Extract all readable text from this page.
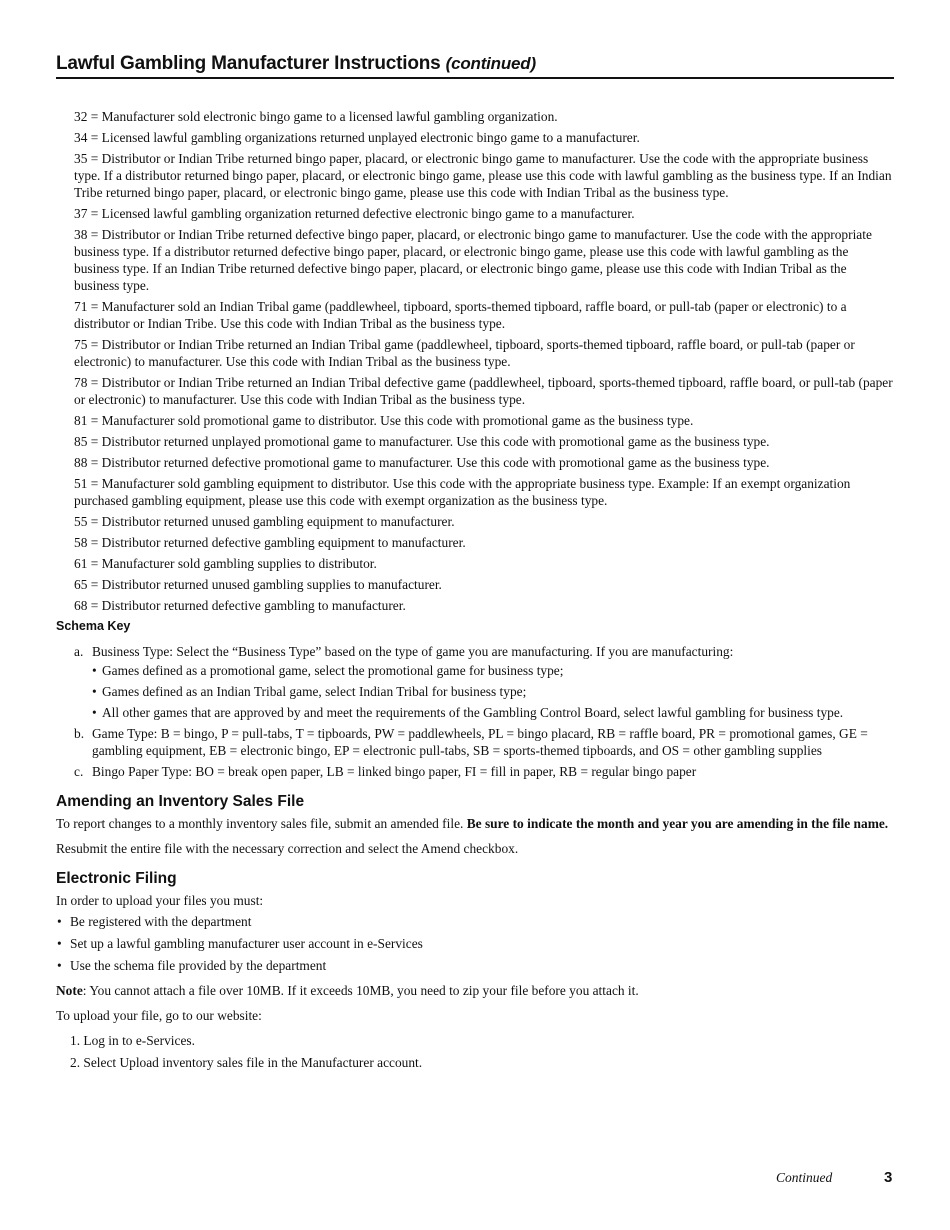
Lawful Gambling Manufacturer Instructions (continued)
32 = Manufacturer sold electronic bingo game to a licensed lawful gambling organization.
34 = Licensed lawful gambling organizations returned unplayed electronic bingo game to a manufacturer.
35 = Distributor or Indian Tribe returned bingo paper, placard, or electronic bingo game to manufacturer. Use the code with the appropriate business type. If a distributor returned bingo paper, placard, or electronic bingo game, please use this code with lawful gambling as the business type. If an Indian Tribe returned bingo paper, placard, or electronic bingo game, please use this code with Indian Tribal as the business type.
37 = Licensed lawful gambling organization returned defective electronic bingo game to a manufacturer.
38 = Distributor or Indian Tribe returned defective bingo paper, placard, or electronic bingo game to manufacturer. Use the code with the appropriate business type. If a distributor returned defective bingo paper, placard, or electronic bingo game, please use this code with lawful gambling as the business type. If an Indian Tribe returned defective bingo paper, placard, or electronic bingo game, please use this code with Indian Tribal as the business type.
71 = Manufacturer sold an Indian Tribal game (paddlewheel, tipboard, sports-themed tipboard, raffle board, or pull-tab (paper or electronic) to a distributor or Indian Tribe. Use this code with Indian Tribal as the business type.
75 = Distributor or Indian Tribe returned an Indian Tribal game (paddlewheel, tipboard, sports-themed tipboard, raffle board, or pull-tab (paper or electronic) to manufacturer. Use this code with Indian Tribal as the business type.
78 = Distributor or Indian Tribe returned an Indian Tribal defective game (paddlewheel, tipboard, sports-themed tipboard, raffle board, or pull-tab (paper or electronic) to manufacturer. Use this code with Indian Tribal as the business type.
81 = Manufacturer sold promotional game to distributor. Use this code with promotional game as the business type.
85 = Distributor returned unplayed promotional game to manufacturer. Use this code with promotional game as the business type.
88 = Distributor returned defective promotional game to manufacturer. Use this code with promotional game as the business type.
51 = Manufacturer sold gambling equipment to distributor. Use this code with the appropriate business type. Example: If an exempt organization purchased gambling equipment, please use this code with exempt organization as the business type.
55 = Distributor returned unused gambling equipment to manufacturer.
58 = Distributor returned defective gambling equipment to manufacturer.
61 = Manufacturer sold gambling supplies to distributor.
65 = Distributor returned unused gambling supplies to manufacturer.
68 = Distributor returned defective gambling to manufacturer.
Schema Key
a. Business Type: Select the “Business Type” based on the type of game you are manufacturing. If you are manufacturing:
• Games defined as a promotional game, select the promotional game for business type;
• Games defined as an Indian Tribal game, select Indian Tribal for business type;
• All other games that are approved by and meet the requirements of the Gambling Control Board, select lawful gambling for business type.
b. Game Type: B = bingo, P = pull-tabs, T = tipboards, PW = paddlewheels, PL = bingo placard, RB = raffle board, PR = promotional games, GE = gambling equipment, EB = electronic bingo, EP = electronic pull-tabs, SB = sports-themed tipboards, and OS = other gambling supplies
c. Bingo Paper Type: BO = break open paper, LB = linked bingo paper, FI = fill in paper, RB = regular bingo paper
Amending an Inventory Sales File

To report changes to a monthly inventory sales file, submit an amended file. Be sure to indicate the month and year you are amending in the file name.

Resubmit the entire file with the necessary correction and select the Amend checkbox.

Electronic Filing

In order to upload your files you must:

• Be registered with the department
• Set up a lawful gambling manufacturer user account in e-Services
• Use the schema file provided by the department

Note: You cannot attach a file over 10MB. If it exceeds 10MB, you need to zip your file before you attach it.

To upload your file, go to our website:

1. Log in to e-Services.
2. Select Upload inventory sales file in the Manufacturer account.
Continued	3
